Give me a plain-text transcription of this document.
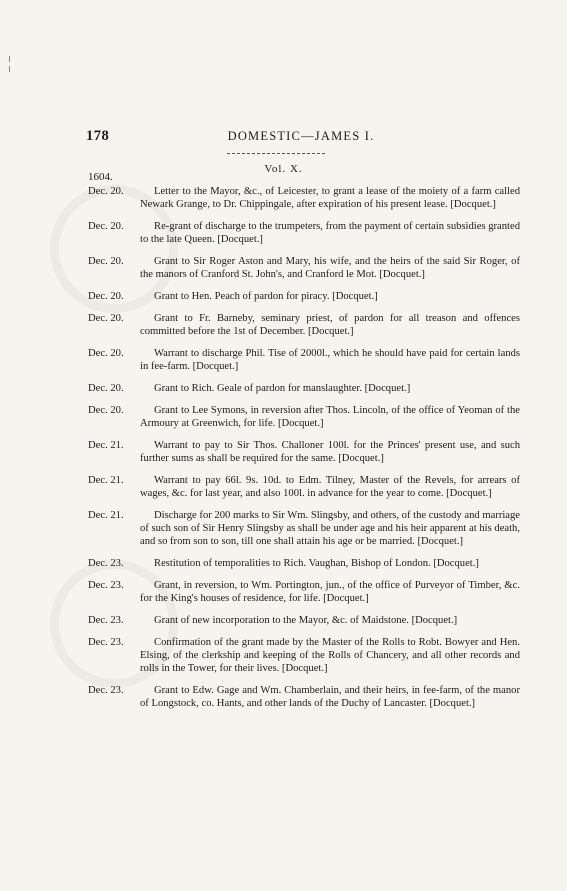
178	DOMESTIC—JAMES I.
Vol. X.
1604.
Dec. 20.	Letter to the Mayor, &c., of Leicester, to grant a lease of the moiety of a farm called Newark Grange, to Dr. Chippingale, after expiration of his present lease. [Docquet.]
Dec. 20.	Re-grant of discharge to the trumpeters, from the payment of certain subsidies granted to the late Queen. [Docquet.]
Dec. 20.	Grant to Sir Roger Aston and Mary, his wife, and the heirs of the said Sir Roger, of the manors of Cranford St. John's, and Cranford le Mot. [Docquet.]
Dec. 20.	Grant to Hen. Peach of pardon for piracy. [Docquet.]
Dec. 20.	Grant to Fr. Barneby, seminary priest, of pardon for all treason and offences committed before the 1st of December. [Docquet.]
Dec. 20.	Warrant to discharge Phil. Tise of 2000l., which he should have paid for certain lands in fee-farm. [Docquet.]
Dec. 20.	Grant to Rich. Geale of pardon for manslaughter. [Docquet.]
Dec. 20.	Grant to Lee Symons, in reversion after Thos. Lincoln, of the office of Yeoman of the Armoury at Greenwich, for life. [Docquet.]
Dec. 21.	Warrant to pay to Sir Thos. Challoner 100l. for the Princes' present use, and such further sums as shall be required for the same. [Docquet.]
Dec. 21.	Warrant to pay 66l. 9s. 10d. to Edm. Tilney, Master of the Revels, for arrears of wages, &c. for last year, and also 100l. in advance for the year to come. [Docquet.]
Dec. 21.	Discharge for 200 marks to Sir Wm. Slingsby, and others, of the custody and marriage of such son of Sir Henry Slingsby as shall be under age and his heir apparent at his death, and so from son to son, till one shall attain his age or be married. [Docquet.]
Dec. 23.	Restitution of temporalities to Rich. Vaughan, Bishop of London. [Docquet.]
Dec. 23.	Grant, in reversion, to Wm. Portington, jun., of the office of Purveyor of Timber, &c. for the King's houses of residence, for life. [Docquet.]
Dec. 23.	Grant of new incorporation to the Mayor, &c. of Maidstone. [Docquet.]
Dec. 23.	Confirmation of the grant made by the Master of the Rolls to Robt. Bowyer and Hen. Elsing, of the clerkship and keeping of the Rolls of Chancery, and all other records and rolls in the Tower, for their lives. [Docquet.]
Dec. 23.	Grant to Edw. Gage and Wm. Chamberlain, and their heirs, in fee-farm, of the manor of Longstock, co. Hants, and other lands of the Duchy of Lancaster. [Docquet.]
